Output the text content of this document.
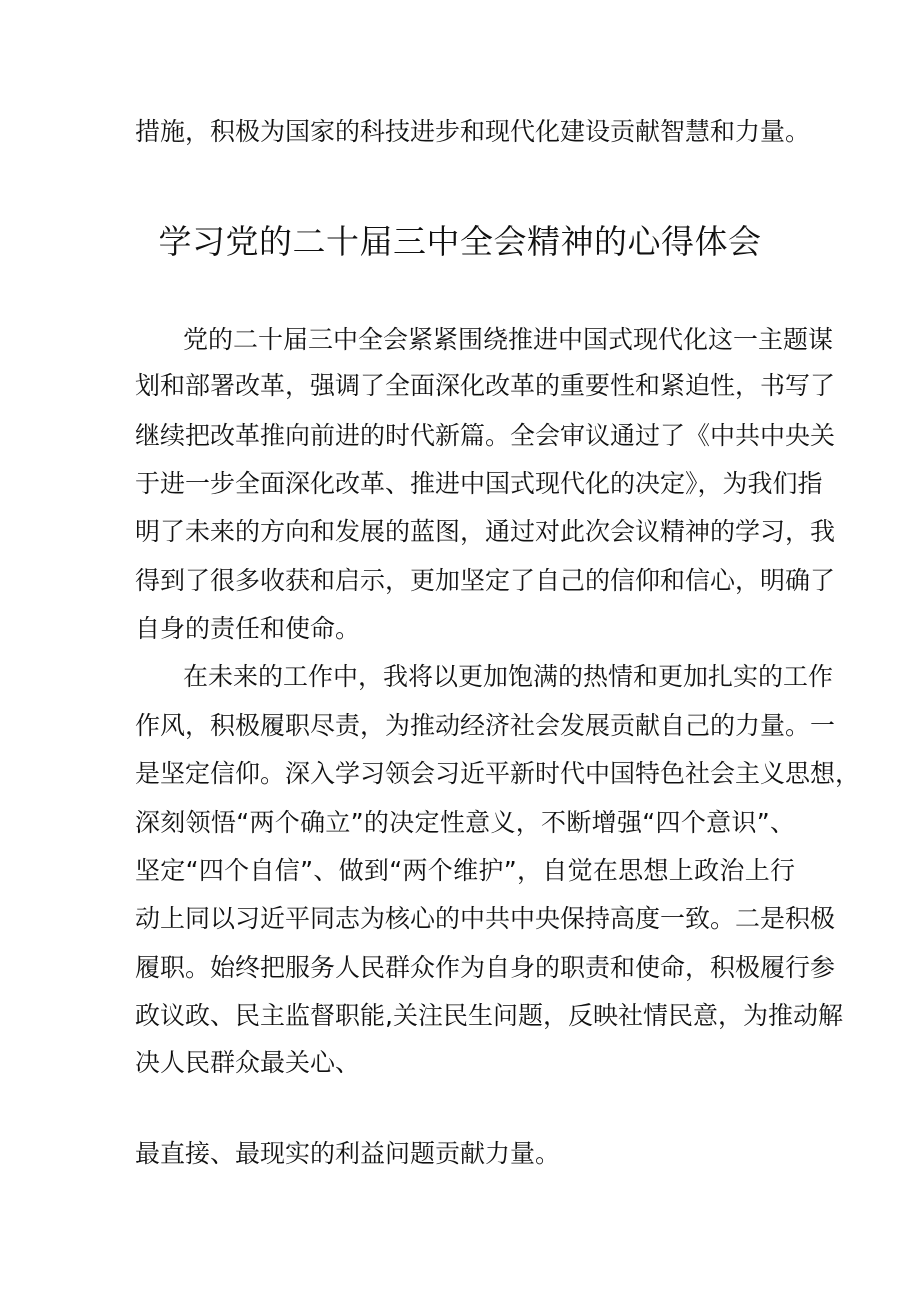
措施，积极为国家的科技进步和现代化建设贡献智慧和力量。

学习党的二十届三中全会精神的心得体会

党的二十届三中全会紧紧围绕推进中国式现代化这一主题谋

划和部署改革，强调了全面深化改革的重要性和紧迫性，书写了

继续把改革推向前进的时代新篇。全会审议通过了《中共中央关

于进一步全面深化改革、推进中国式现代化的决定》，为我们指

明了未来的方向和发展的蓝图，通过对此次会议精神的学习，我

得到了很多收获和启示，更加坚定了自己的信仰和信心，明确了

自身的责任和使命。

在未来的工作中，我将以更加饱满的热情和更加扎实的工作

作风，积极履职尽责，为推动经济社会发展贡献自己的力量。一

是坚定信仰。深入学习领会习近平新时代中国特色社会主义思想，

深刻领悟“两个确立”的决定性意义，不断增强“四个意识”、

坚定“四个自信”、做到“两个维护”，自觉在思想上政治上行

动上同以习近平同志为核心的中共中央保持高度一致。二是积极

履职。始终把服务人民群众作为自身的职责和使命，积极履行参

政议政、民主监督职能,关注民生问题，反映社情民意，为推动解

决人民群众最关心、

最直接、最现实的利益问题贡献力量。
